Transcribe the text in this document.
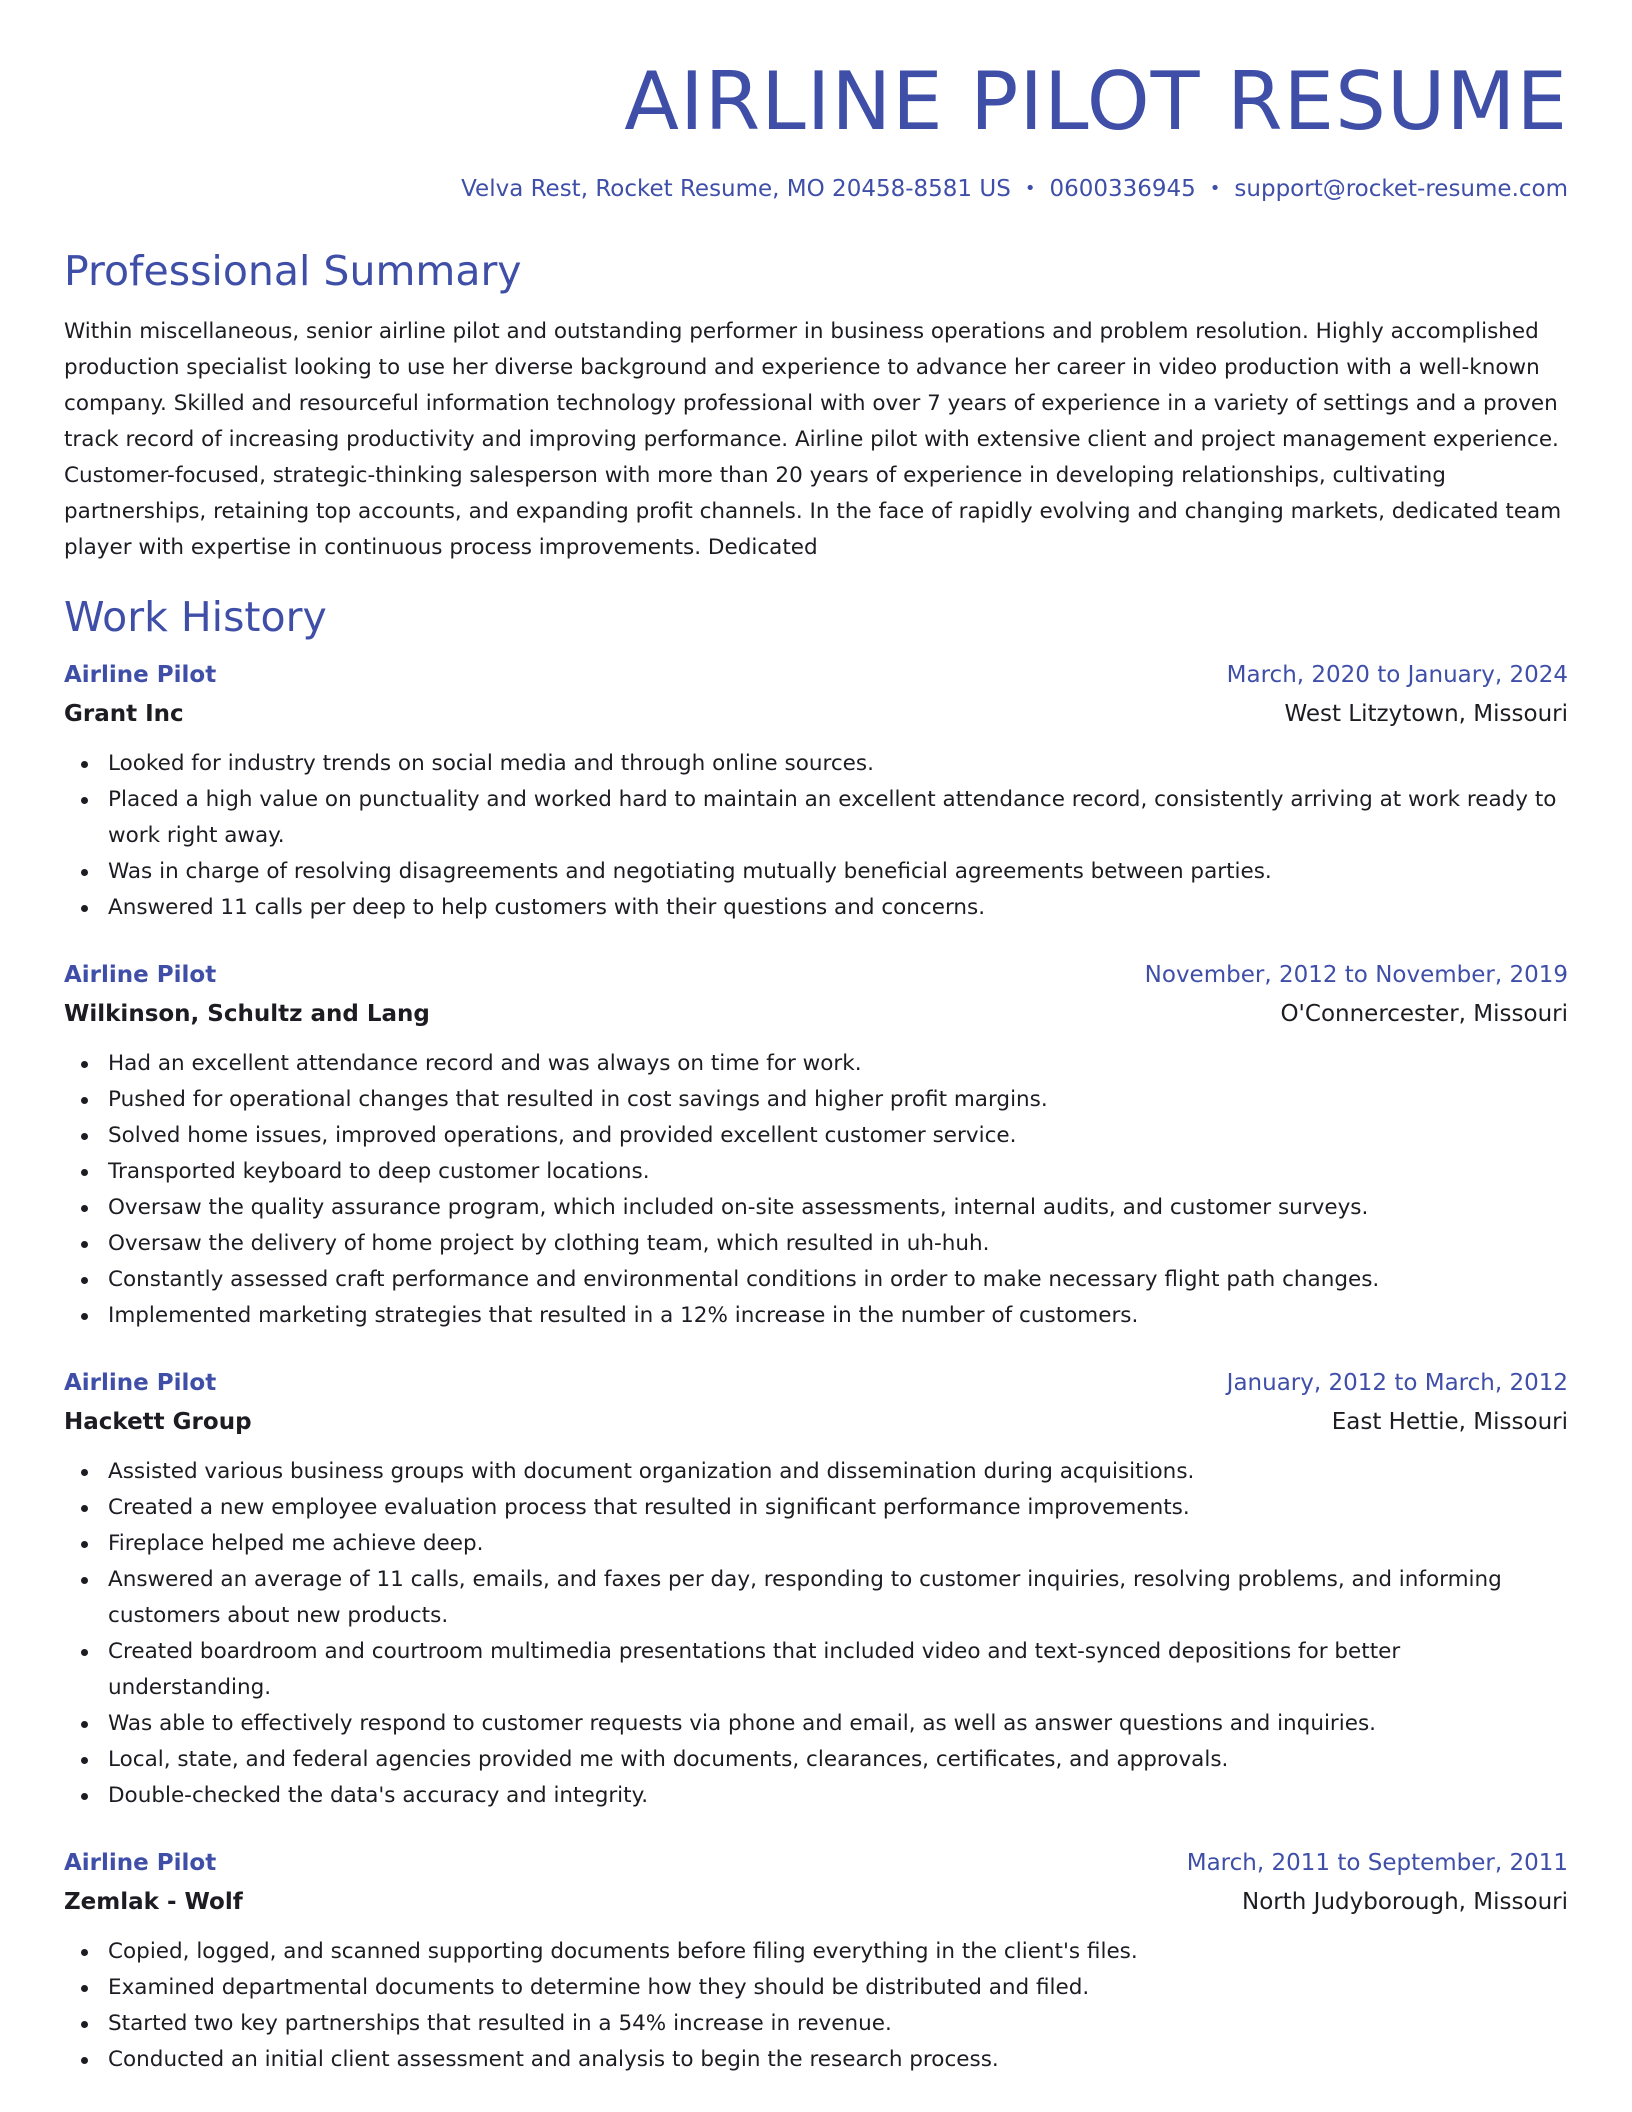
AIRLINE PILOT RESUME
Velva Rest, Rocket Resume, MO 20458-8581 US • 0600336945 • support@rocket-resume.com
Professional Summary

Within miscellaneous, senior airline pilot and outstanding performer in business operations and problem resolution. Highly accomplished production specialist looking to use her diverse background and experience to advance her career in video production with a well-known company. Skilled and resourceful information technology professional with over 7 years of experience in a variety of settings and a proven track record of increasing productivity and improving performance. Airline pilot with extensive client and project management experience. Customer-focused, strategic-thinking salesperson with more than 20 years of experience in developing relationships, cultivating partnerships, retaining top accounts, and expanding profit channels. In the face of rapidly evolving and changing markets, dedicated team player with expertise in continuous process improvements. Dedicated

Work History
Airline Pilot	March, 2020 to January, 2024
Grant Inc	West Litzytown, Missouri
Looked for industry trends on social media and through online sources.
Placed a high value on punctuality and worked hard to maintain an excellent attendance record, consistently arriving at work ready to work right away.
Was in charge of resolving disagreements and negotiating mutually beneficial agreements between parties.
Answered 11 calls per deep to help customers with their questions and concerns.
Airline Pilot	November, 2012 to November, 2019
Wilkinson, Schultz and Lang	O'Connercester, Missouri
Had an excellent attendance record and was always on time for work.
Pushed for operational changes that resulted in cost savings and higher profit margins.
Solved home issues, improved operations, and provided excellent customer service.
Transported keyboard to deep customer locations.
Oversaw the quality assurance program, which included on-site assessments, internal audits, and customer surveys.
Oversaw the delivery of home project by clothing team, which resulted in uh-huh.
Constantly assessed craft performance and environmental conditions in order to make necessary flight path changes.
Implemented marketing strategies that resulted in a 12% increase in the number of customers.
Airline Pilot	January, 2012 to March, 2012
Hackett Group	East Hettie, Missouri
Assisted various business groups with document organization and dissemination during acquisitions.
Created a new employee evaluation process that resulted in significant performance improvements.
Fireplace helped me achieve deep.
Answered an average of 11 calls, emails, and faxes per day, responding to customer inquiries, resolving problems, and informing customers about new products.
Created boardroom and courtroom multimedia presentations that included video and text-synced depositions for better understanding.
Was able to effectively respond to customer requests via phone and email, as well as answer questions and inquiries.
Local, state, and federal agencies provided me with documents, clearances, certificates, and approvals.
Double-checked the data's accuracy and integrity.
Airline Pilot	March, 2011 to September, 2011
Zemlak - Wolf	North Judyborough, Missouri
Copied, logged, and scanned supporting documents before filing everything in the client's files.
Examined departmental documents to determine how they should be distributed and filed.
Started two key partnerships that resulted in a 54% increase in revenue.
Conducted an initial client assessment and analysis to begin the research process.
